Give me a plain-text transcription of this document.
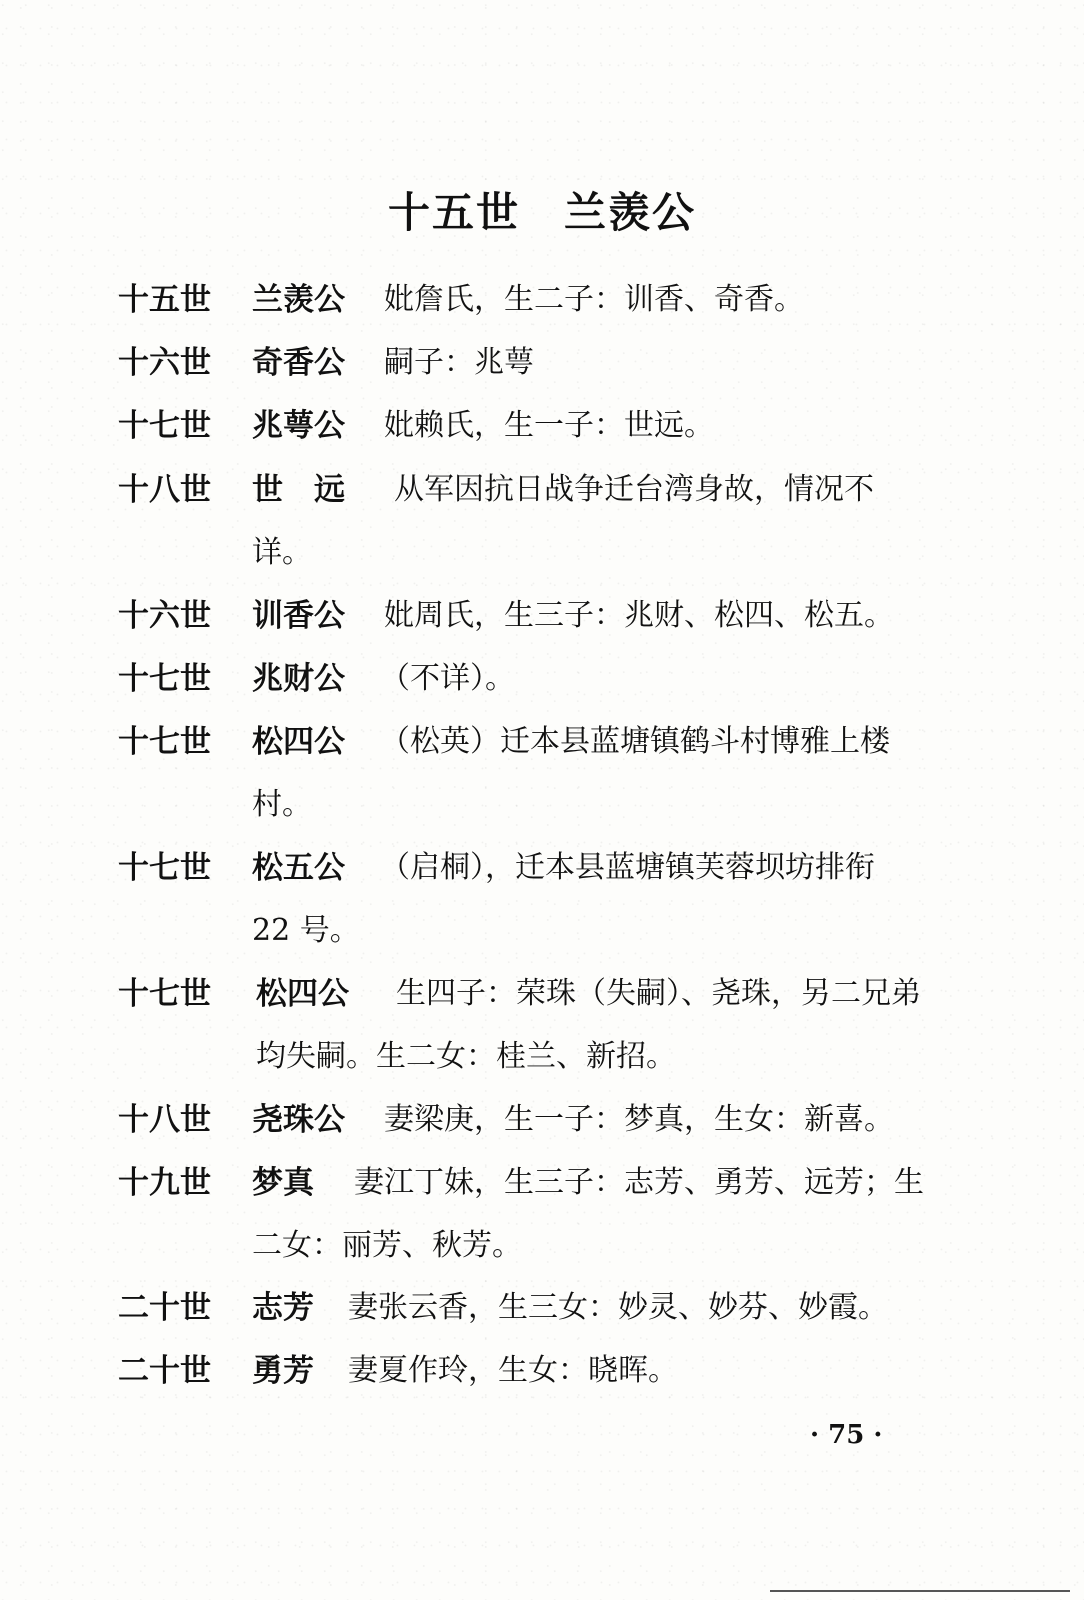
十五世　兰羡公
十五世 兰羡公 妣詹氏，生二子：训香、奇香。
十六世 奇香公 嗣子：兆萼
十七世 兆萼公 妣赖氏，生一子：世远。
十八世 世　远 从军因抗日战争迁台湾身故，情况不
详。
十六世 训香公 妣周氏，生三子：兆财、松四、松五。
十七世 兆财公 （不详）。
十七世 松四公 （松英）迁本县蓝塘镇鹤斗村博雅上楼
村。
十七世 松五公 （启桐），迁本县蓝塘镇芙蓉坝坊排衔
22 号。
十七世 松四公 生四子：荣珠（失嗣）、尧珠，另二兄弟
均失嗣。生二女：桂兰、新招。
十八世 尧珠公 妻梁庚，生一子：梦真，生女：新喜。
十九世 梦真 妻江丁妹，生三子：志芳、勇芳、远芳；生
二女：丽芳、秋芳。
二十世 志芳 妻张云香，生三女：妙灵、妙芬、妙霞。
二十世 勇芳 妻夏作玲，生女：晓晖。
· 75 ·
